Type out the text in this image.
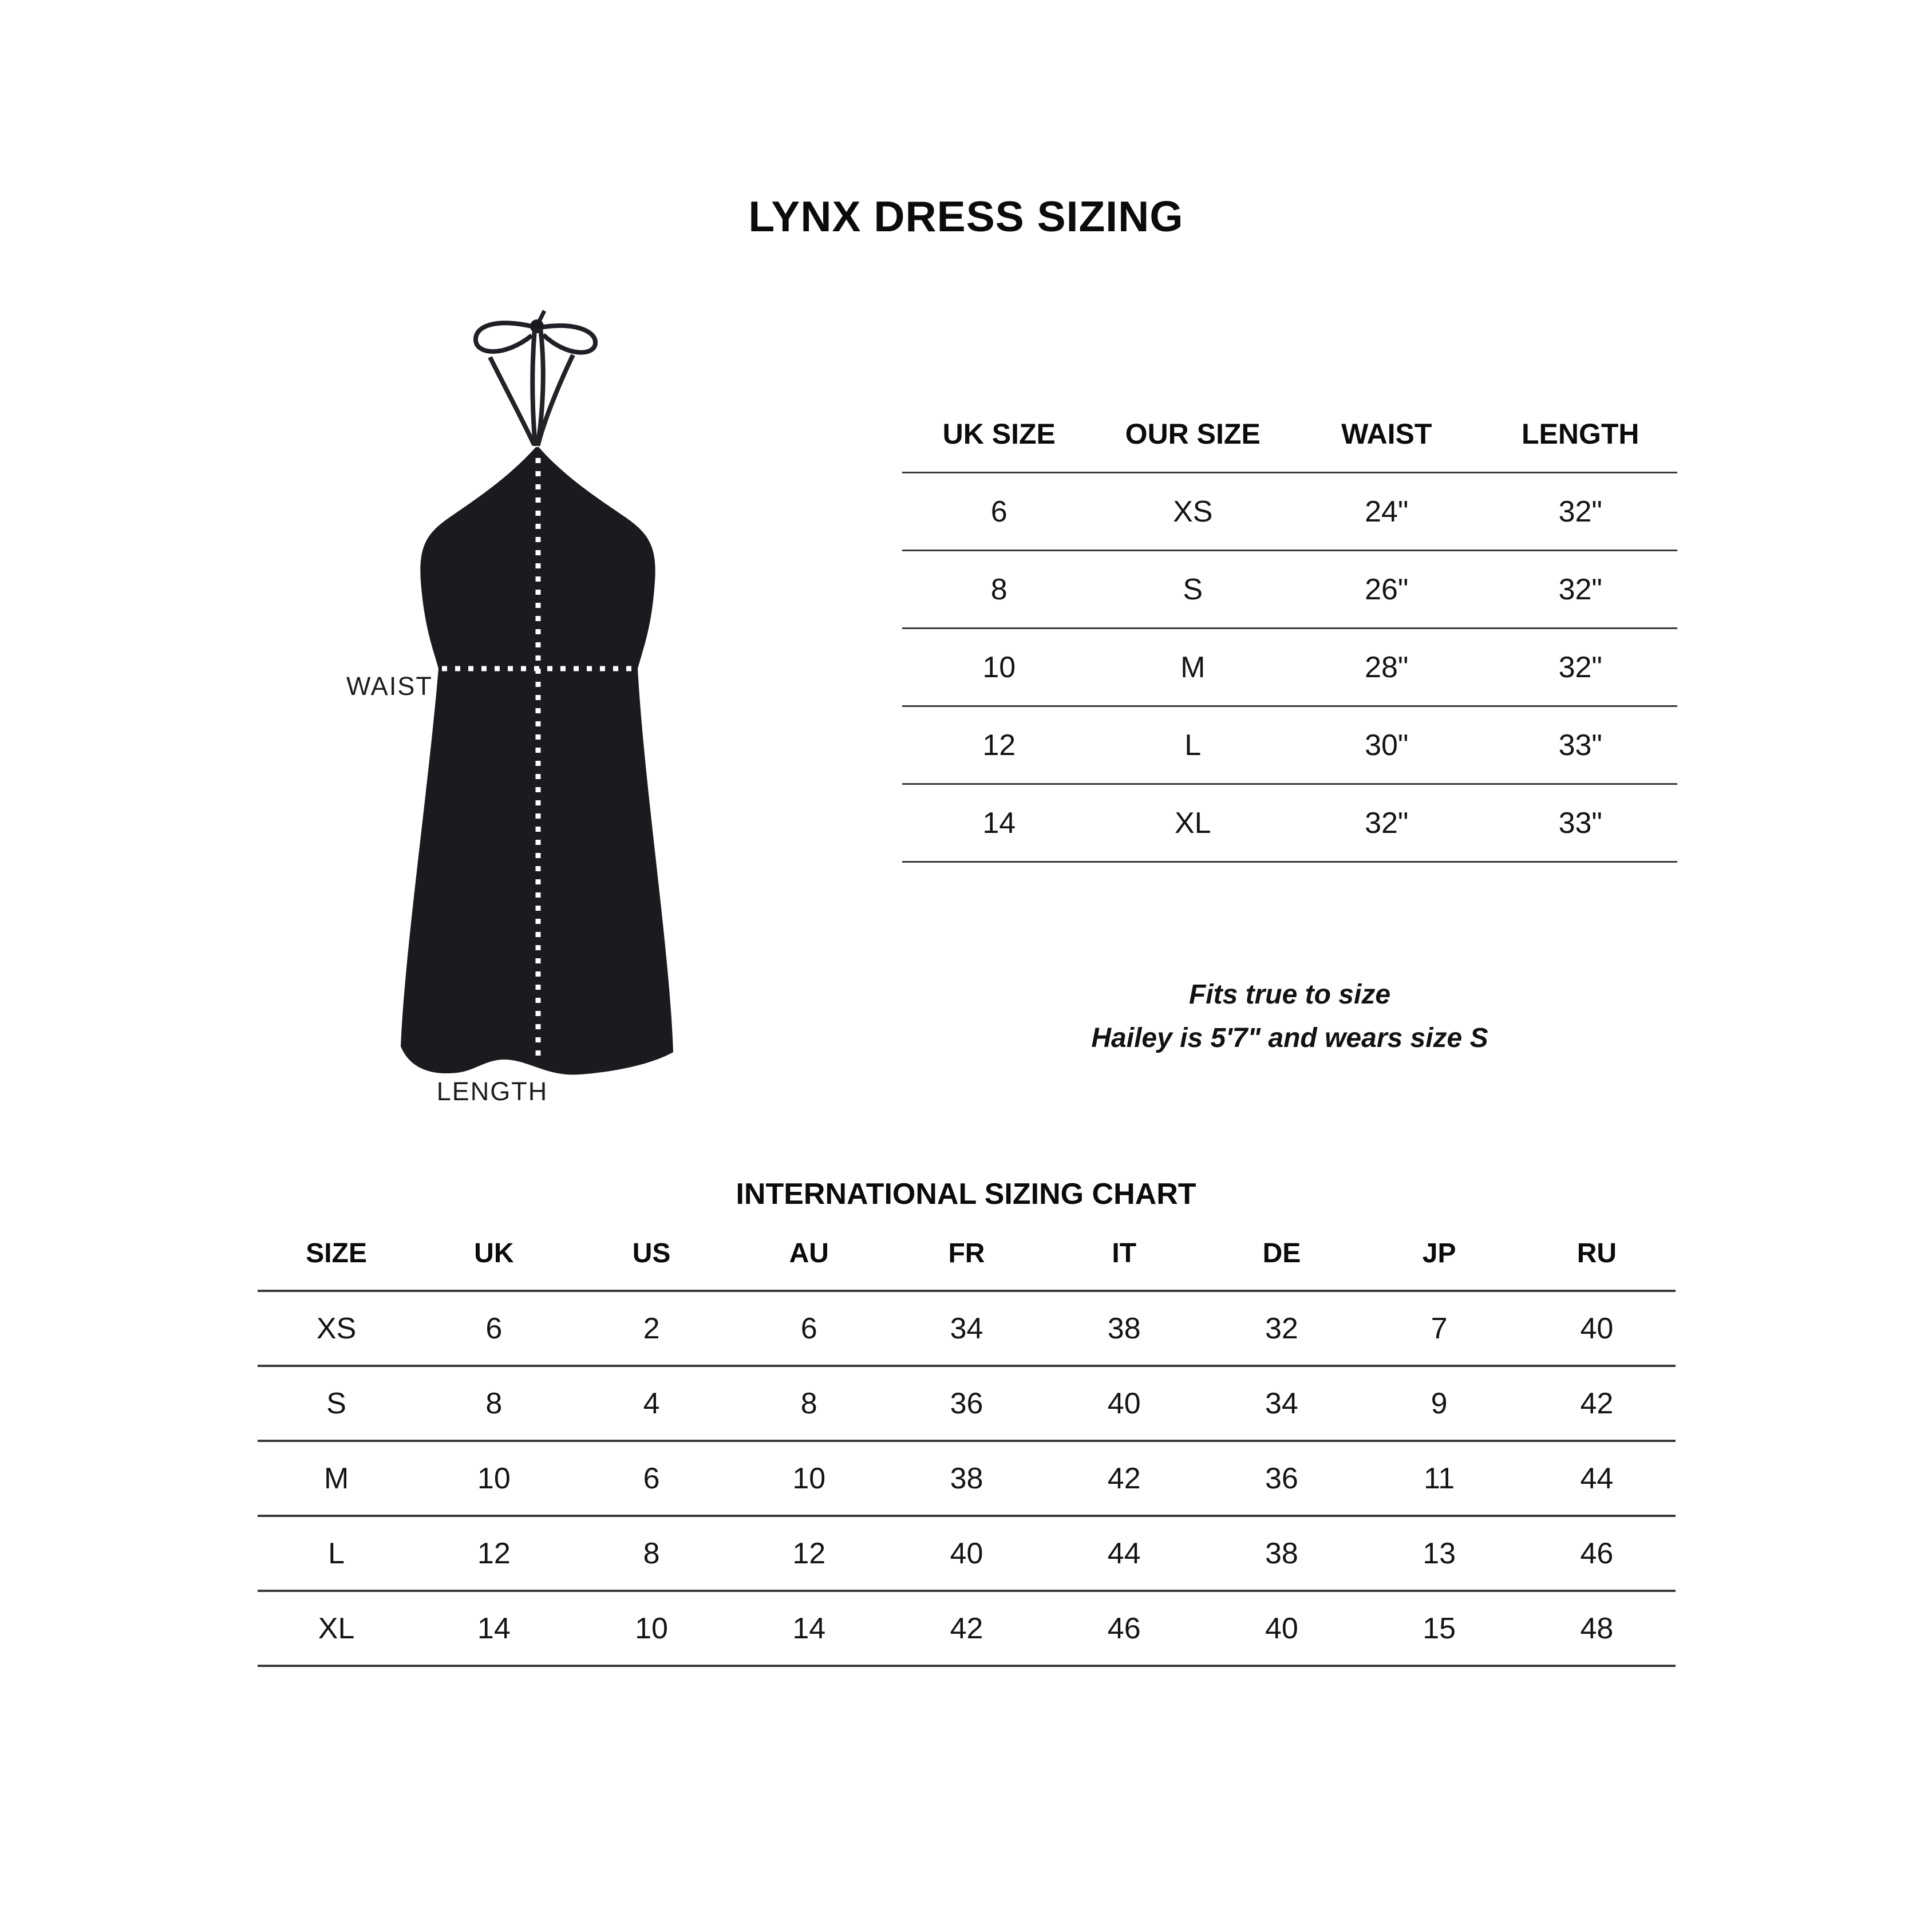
LYNX DRESS SIZING
WAIST
LENGTH
UK SIZE	OUR SIZE	WAIST	LENGTH
6	XS	24"	32"
8	S	26"	32"
10	M	28"	32"
12	L	30"	33"
14	XL	32"	33"
Fits true to size
Hailey is 5'7" and wears size S
INTERNATIONAL SIZING CHART
SIZE	UK	US	AU	FR	IT	DE	JP	RU
XS	6	2	6	34	38	32	7	40
S	8	4	8	36	40	34	9	42
M	10	6	10	38	42	36	11	44
L	12	8	12	40	44	38	13	46
XL	14	10	14	42	46	40	15	48
